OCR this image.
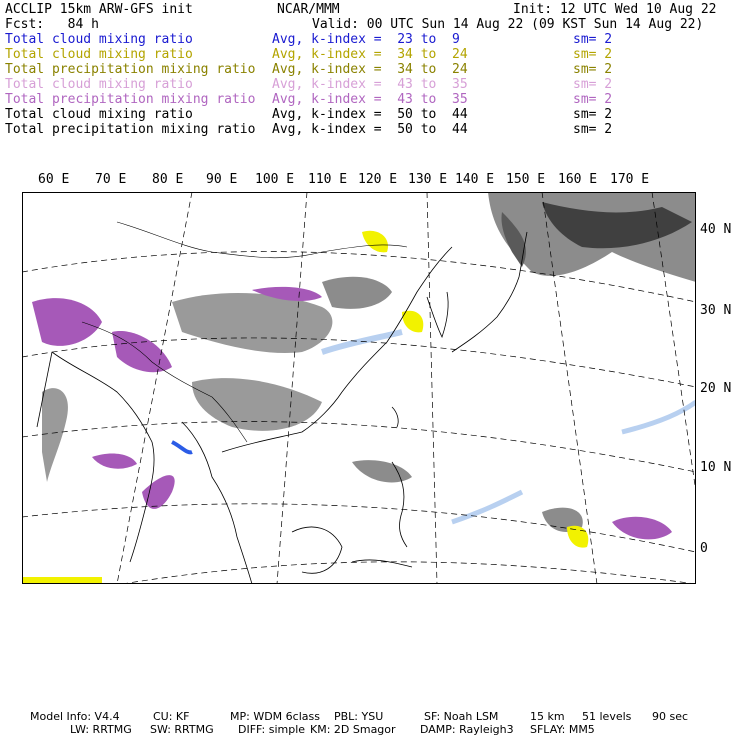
ACCLIP 15km ARW-GFS init

	NCAR/MMM

	Init: 12 UTC Wed 10 Aug 22

Fcst:   84 h

	Valid: 00 UTC Sun 14 Aug 22 (09 KST Sun 14 Aug 22)

Total cloud mixing ratio	Avg, k-index =  23 to  9	sm= 2
Total cloud mixing ratio	Avg, k-index =  34 to  24	sm= 2
Total precipitation mixing ratio Avg, k-index =  34 to  24	sm= 2
Total cloud mixing ratio	Avg, k-index =  43 to  35	sm= 2
Total precipitation mixing ratio Avg, k-index =  43 to  35	sm= 2
Total cloud mixing ratio	Avg, k-index =  50 to  44	sm= 2
Total precipitation mixing ratio Avg, k-index =  50 to  44	sm= 2
60 E 70 E 80 E 90 E 100 E 110 E 120 E 130 E 140 E 150 E 160 E 170 E
40 N
30 N
20 N
10 N
0
Model Info: V4.4	CU: KF	MP: WDM 6class PBL: YSU	SF: Noah LSM	15 km 51 levels 90 sec
LW: RRTMG SW: RRTMG DIFF: simple KM: 2D Smagor DAMP: Rayleigh3 SFLAY: MM5
